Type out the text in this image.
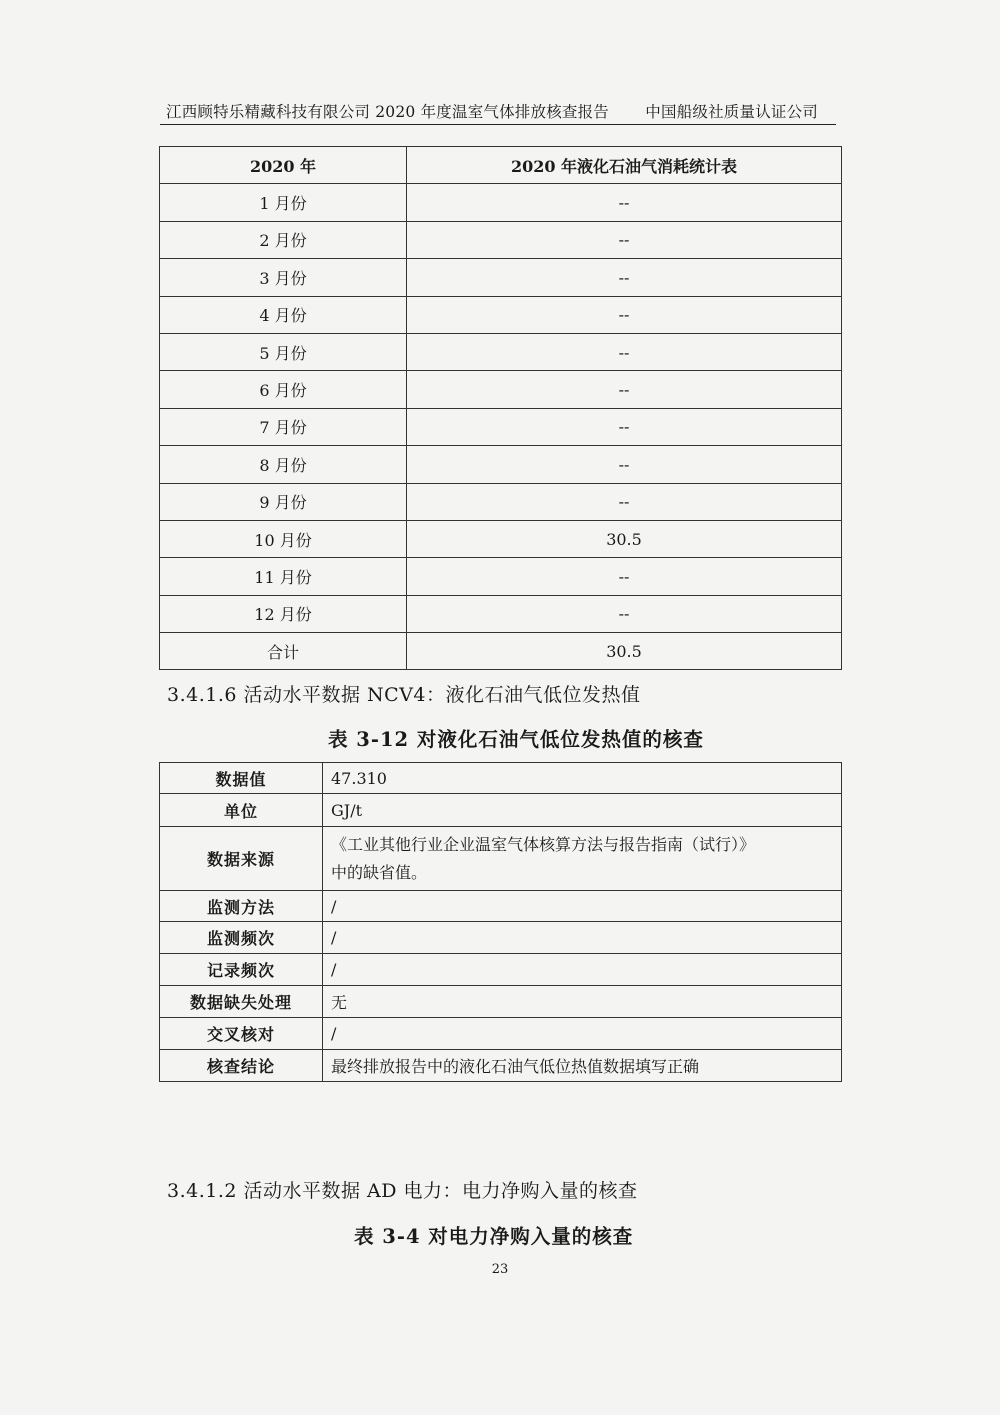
江西顾特乐精藏科技有限公司 2020 年度温室气体排放核查报告 中国船级社质量认证公司
2020 年	2020 年液化石油气消耗统计表
1 月份	--
2 月份	--
3 月份	--
4 月份	--
5 月份	--
6 月份	--
7 月份	--
8 月份	--
9 月份	--
10 月份	30.5
11 月份	--
12 月份	--
合计	30.5
3.4.1.6 活动水平数据 NCV4：液化石油气低位发热值
表 3-12 对液化石油气低位发热值的核查
数据值	47.310
单位	GJ/t
数据来源	《工业其他行业企业温室气体核算方法与报告指南（试行）》
中的缺省值。

监测方法	/
监测频次	/
记录频次	/
数据缺失处理	无
交叉核对	/
核查结论	最终排放报告中的液化石油气低位热值数据填写正确
3.4.1.2 活动水平数据 AD 电力：电力净购入量的核查
表 3-4 对电力净购入量的核查
23
